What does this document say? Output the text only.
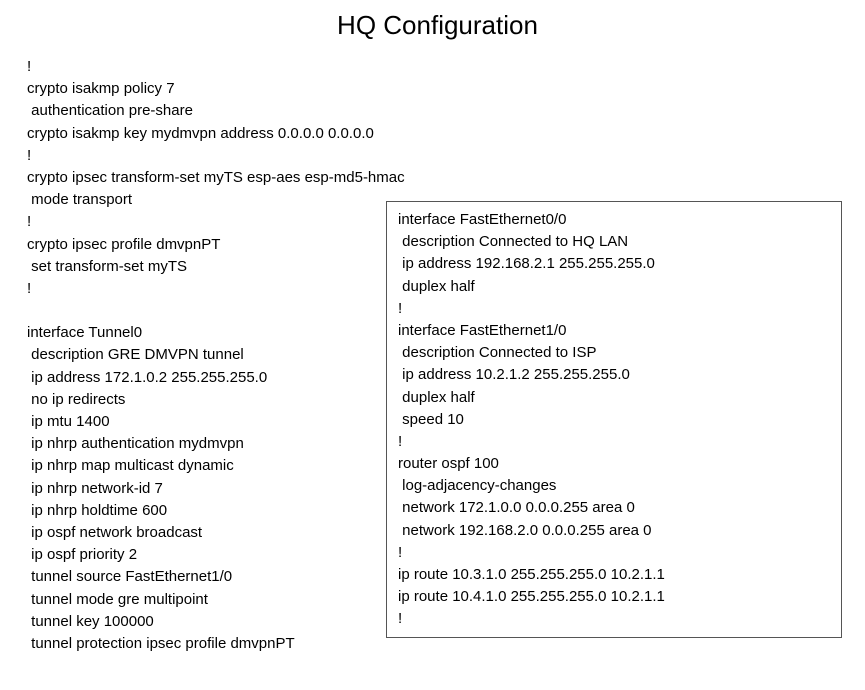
HQ Configuration
!
crypto isakmp policy 7
authentication pre-share
crypto isakmp key mydmvpn address 0.0.0.0 0.0.0.0
!
crypto ipsec transform-set myTS esp-aes esp-md5-hmac
mode transport
!
crypto ipsec profile dmvpnPT
set transform-set myTS
!
interface Tunnel0
description GRE DMVPN tunnel
ip address 172.1.0.2 255.255.255.0
no ip redirects
ip mtu 1400
ip nhrp authentication mydmvpn
ip nhrp map multicast dynamic
ip nhrp network-id 7
ip nhrp holdtime 600
ip ospf network broadcast
ip ospf priority 2
tunnel source FastEthernet1/0
tunnel mode gre multipoint
tunnel key 100000
tunnel protection ipsec profile dmvpnPT
interface FastEthernet0/0
description Connected to HQ LAN
ip address 192.168.2.1 255.255.255.0
duplex half
!
interface FastEthernet1/0
description Connected to ISP
ip address 10.2.1.2 255.255.255.0
duplex half
speed 10
!
router ospf 100
log-adjacency-changes
network 172.1.0.0 0.0.0.255 area 0
network 192.168.2.0 0.0.0.255 area 0
!
ip route 10.3.1.0 255.255.255.0 10.2.1.1
ip route 10.4.1.0 255.255.255.0 10.2.1.1
!
